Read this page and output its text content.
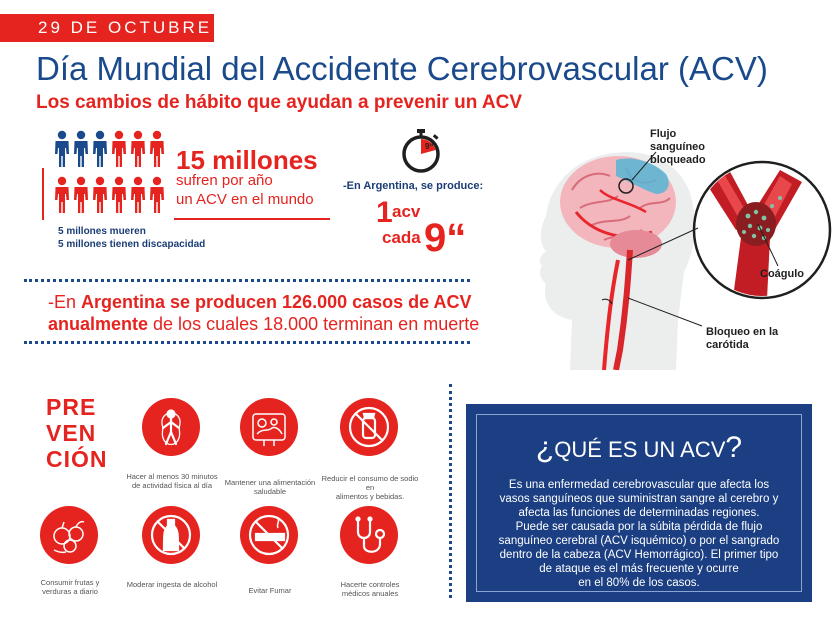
29 DE OCTUBRE
Día Mundial del Accidente Cerebrovascular (ACV)
Los cambios de hábito que ayudan a prevenir un ACV
15 millones
sufren por año
un ACV en el mundo
5 millones mueren
5 millones tienen discapacidad
9“
-En Argentina, se produce:
1 acv
cada 9“
-En Argentina se producen 126.000 casos de ACV
anualmente de los cuales 18.000 terminan en muerte
Flujo
sanguíneo
bloqueado
Coágulo
Bloqueo en la
carótida
PRE
VEN
CIÓN
Hacer al menos 30 minutos
de actividad física al día	Mantener una alimentación
saludable
Reducir el consumo de sodio en
alimentos y bebidas.
Consumir frutas y
verduras a diario
Moderar ingesta de alcohol
Evitar Fumar
Hacerte controles
médicos anuales
¿QUÉ ES UN ACV?
Es una enfermedad cerebrovascular que afecta los
vasos sanguíneos que suministran sangre al cerebro y
afecta las funciones de determinadas regiones.
Puede ser causada por la súbita pérdida de flujo
sanguíneo cerebral (ACV isquémico) o por el sangrado
dentro de la cabeza (ACV Hemorrágico). El primer tipo
de ataque es el más frecuente y ocurre
en el 80% de los casos.
